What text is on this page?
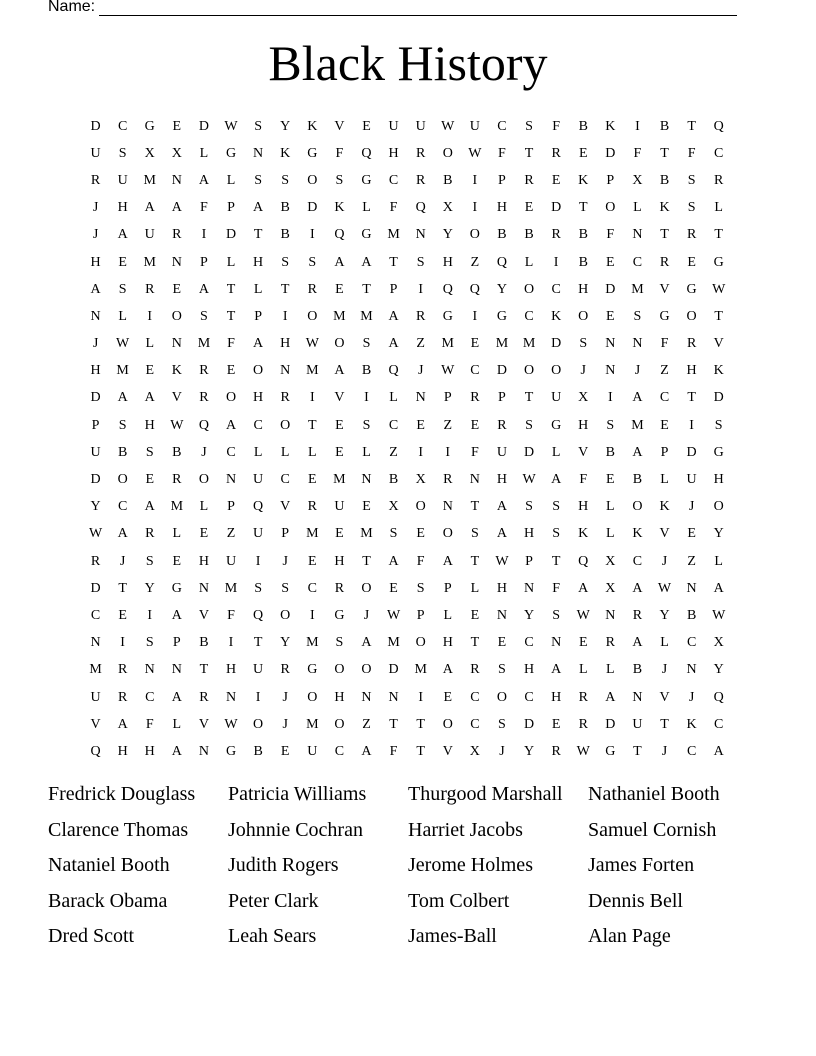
Name:
Black History
D	C	G	E	D	W	S	Y	K	V	E	U	U	W	U	C	S	F	B	K	I	B	T	Q
U	S	X	X	L	G	N	K	G	F	Q	H	R	O	W	F	T	R	E	D	F	T	F	C
R	U	M	N	A	L	S	S	O	S	G	C	R	B	I	P	R	E	K	P	X	B	S	R
J	H	A	A	F	P	A	B	D	K	L	F	Q	X	I	H	E	D	T	O	L	K	S	L
J	A	U	R	I	D	T	B	I	Q	G	M	N	Y	O	B	B	R	B	F	N	T	R	T
H	E	M	N	P	L	H	S	S	A	A	T	S	H	Z	Q	L	I	B	E	C	R	E	G
A	S	R	E	A	T	L	T	R	E	T	P	I	Q	Q	Y	O	C	H	D	M	V	G	W
N	L	I	O	S	T	P	I	O	M	M	A	R	G	I	G	C	K	O	E	S	G	O	T
J	W	L	N	M	F	A	H	W	O	S	A	Z	M	E	M	M	D	S	N	N	F	R	V
H	M	E	K	R	E	O	N	M	A	B	Q	J	W	C	D	O	O	J	N	J	Z	H	K
D	A	A	V	R	O	H	R	I	V	I	L	N	P	R	P	T	U	X	I	A	C	T	D
P	S	H	W	Q	A	C	O	T	E	S	C	E	Z	E	R	S	G	H	S	M	E	I	S
U	B	S	B	J	C	L	L	L	E	L	Z	I	I	F	U	D	L	V	B	A	P	D	G
D	O	E	R	O	N	U	C	E	M	N	B	X	R	N	H	W	A	F	E	B	L	U	H
Y	C	A	M	L	P	Q	V	R	U	E	X	O	N	T	A	S	S	H	L	O	K	J	O
W	A	R	L	E	Z	U	P	M	E	M	S	E	O	S	A	H	S	K	L	K	V	E	Y
R	J	S	E	H	U	I	J	E	H	T	A	F	A	T	W	P	T	Q	X	C	J	Z	L
D	T	Y	G	N	M	S	S	C	R	O	E	S	P	L	H	N	F	A	X	A	W	N	A
C	E	I	A	V	F	Q	O	I	G	J	W	P	L	E	N	Y	S	W	N	R	Y	B	W
N	I	S	P	B	I	T	Y	M	S	A	M	O	H	T	E	C	N	E	R	A	L	C	X
M	R	N	N	T	H	U	R	G	O	O	D	M	A	R	S	H	A	L	L	B	J	N	Y
U	R	C	A	R	N	I	J	O	H	N	N	I	E	C	O	C	H	R	A	N	V	J	Q
V	A	F	L	V	W	O	J	M	O	Z	T	T	O	C	S	D	E	R	D	U	T	K	C
Q	H	H	A	N	G	B	E	U	C	A	F	T	V	X	J	Y	R	W	G	T	J	C	A
Fredrick Douglass	Patricia Williams	Thurgood Marshall	Nathaniel Booth
Clarence Thomas	Johnnie Cochran	Harriet Jacobs	Samuel Cornish
Nataniel Booth	Judith Rogers	Jerome Holmes	James Forten
Barack Obama	Peter Clark	Tom Colbert	Dennis Bell
Dred Scott	Leah Sears	James-Ball	Alan Page
